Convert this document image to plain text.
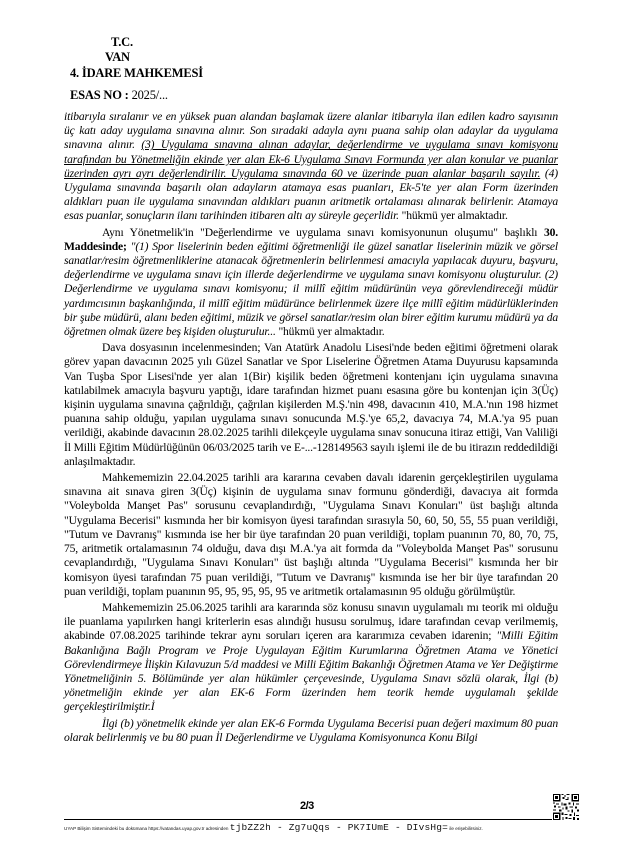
T.C.
VAN
4. İDARE MAHKEMESİ
ESAS NO : 2025/...

itibarıyla sıralanır ve en yüksek puan alandan başlamak üzere alanlar itibarıyla ilan edilen kadro sayısının üç katı aday uygulama sınavına alınır. Son sıradaki adayla aynı puana sahip olan adaylar da uygulama sınavına alınır. (3) Uygulama sınavına alınan adaylar, değerlendirme ve uygulama sınavı komisyonu tarafından bu Yönetmeliğin ekinde yer alan Ek-6 Uygulama Sınavı Formunda yer alan konular ve puanlar üzerinden ayrı ayrı değerlendirilir. Uygulama sınavında 60 ve üzerinde puan alanlar başarılı sayılır. (4) Uygulama sınavında başarılı olan adayların atamaya esas puanları, Ek-5'te yer alan Form üzerinden aldıkları puan ile uygulama sınavından aldıkları puanın aritmetik ortalaması alınarak belirlenir. Atamaya esas puanlar, sonuçların ilanı tarihinden itibaren altı ay süreyle geçerlidir. "hükmü yer almaktadır.

Aynı Yönetmelik'in "Değerlendirme ve uygulama sınavı komisyonunun oluşumu" başlıklı 30. Maddesinde; "(1) Spor liselerinin beden eğitimi öğretmenliği ile güzel sanatlar liselerinin müzik ve görsel sanatlar/resim öğretmenliklerine atanacak öğretmenlerin belirlenmesi amacıyla yapılacak duyuru, başvuru, değerlendirme ve uygulama sınavı için illerde değerlendirme ve uygulama sınavı komisyonu oluşturulur. (2) Değerlendirme ve uygulama sınavı komisyonu; il millî eğitim müdürünün veya görevlendireceği müdür yardımcısının başkanlığında, il millî eğitim müdürünce belirlenmek üzere ilçe millî eğitim müdürlüklerinden bir şube müdürü, alanı beden eğitimi, müzik ve görsel sanatlar/resim olan birer eğitim kurumu müdürü ya da öğretmen olmak üzere beş kişiden oluşturulur... "hükmü yer almaktadır.

Dava dosyasının incelenmesinden; Van Atatürk Anadolu Lisesi'nde beden eğitimi öğretmeni olarak görev yapan davacının 2025 yılı Güzel Sanatlar ve Spor Liselerine Öğretmen Atama Duyurusu kapsamında Van Tuşba Spor Lisesi'nde yer alan 1(Bir) kişilik beden öğretmeni kontenjanı için uygulama sınavına katılabilmek amacıyla başvuru yaptığı, idare tarafından hizmet puanı esasına göre bu kontenjan için 3(Üç) kişinin uygulama sınavına çağrıldığı, çağrılan kişilerden M.Ş.'nin 498, davacının 410, M.A.'nın 198 hizmet puanına sahip olduğu, yapılan uygulama sınavı sonucunda M.Ş.'ye 65,2, davacıya 74, M.A.'ya 95 puan verildiği, akabinde davacının 28.02.2025 tarihli dilekçeyle uygulama sınav sonucuna itiraz ettiği, Van Valiliği İl Milli Eğitim Müdürlüğünün 06/03/2025 tarih ve E-...-128149563 sayılı işlemi ile de bu itirazın reddedildiği anlaşılmaktadır.

Mahkememizin 22.04.2025 tarihli ara kararına cevaben davalı idarenin gerçekleştirilen uygulama sınavına ait sınava giren 3(Üç) kişinin de uygulama sınav formunu gönderdiği, davacıya ait formda "Voleybolda Manşet Pas" sorusunu cevaplandırdığı, "Uygulama Sınavı Konuları" üst başlığı altında "Uygulama Becerisi" kısmında her bir komisyon üyesi tarafından sırasıyla 50, 60, 50, 55, 55 puan verildiği, "Tutum ve Davranış" kısmında ise her bir üye tarafından 20 puan verildiği, toplam puanının 70, 80, 70, 75, 75, aritmetik ortalamasının 74 olduğu, dava dışı M.A.'ya ait formda da "Voleybolda Manşet Pas" sorusunu cevaplandırdığı, "Uygulama Sınavı Konuları" üst başlığı altında "Uygulama Becerisi" kısmında her bir komisyon üyesi tarafından 75 puan verildiği, "Tutum ve Davranış" kısmında ise her bir üye tarafından 20 puan verildiği, toplam puanının 95, 95, 95, 95, 95 ve aritmetik ortalamasının 95 olduğu görülmüştür.

Mahkememizin 25.06.2025 tarihli ara kararında söz konusu sınavın uygulamalı mı teorik mi olduğu ile puanlama yapılırken hangi kriterlerin esas alındığı hususu sorulmuş, idare tarafından cevap verilmemiş, akabinde 07.08.2025 tarihinde tekrar aynı soruları içeren ara kararımıza cevaben idarenin; "Milli Eğitim Bakanlığına Bağlı Program ve Proje Uygulayan Eğitim Kurumlarına Öğretmen Atama ve Yönetici Görevlendirmeye İlişkin Kılavuzun 5/d maddesi ve Milli Eğitim Bakanlığı Öğretmen Atama ve Yer Değiştirme Yönetmeliğinin 5. Bölümünde yer alan hükümler çerçevesinde, Uygulama Sınavı sözlü olarak, İlgi (b) yönetmeliğin ekinde yer alan EK-6 Form üzerinden hem teorik hemde uygulamalı şekilde gerçekleştirilmiştir.İ

İlgi (b) yönetmelik ekinde yer alan EK-6 Formda Uygulama Becerisi puan değeri maximum 80 puan olarak belirlenmiş ve bu 80 puan İl Değerlendirme ve Uygulama Komisyonunca Konu Bilgi

2/3
UYAP Bilişim Sistemindeki bu dokümana https://vatandas.uyap.gov.tr adresinden tjbZZ2h - Zg7uQqs - PK7IUmE - DIvsHg= ile erişebilirsiniz.
